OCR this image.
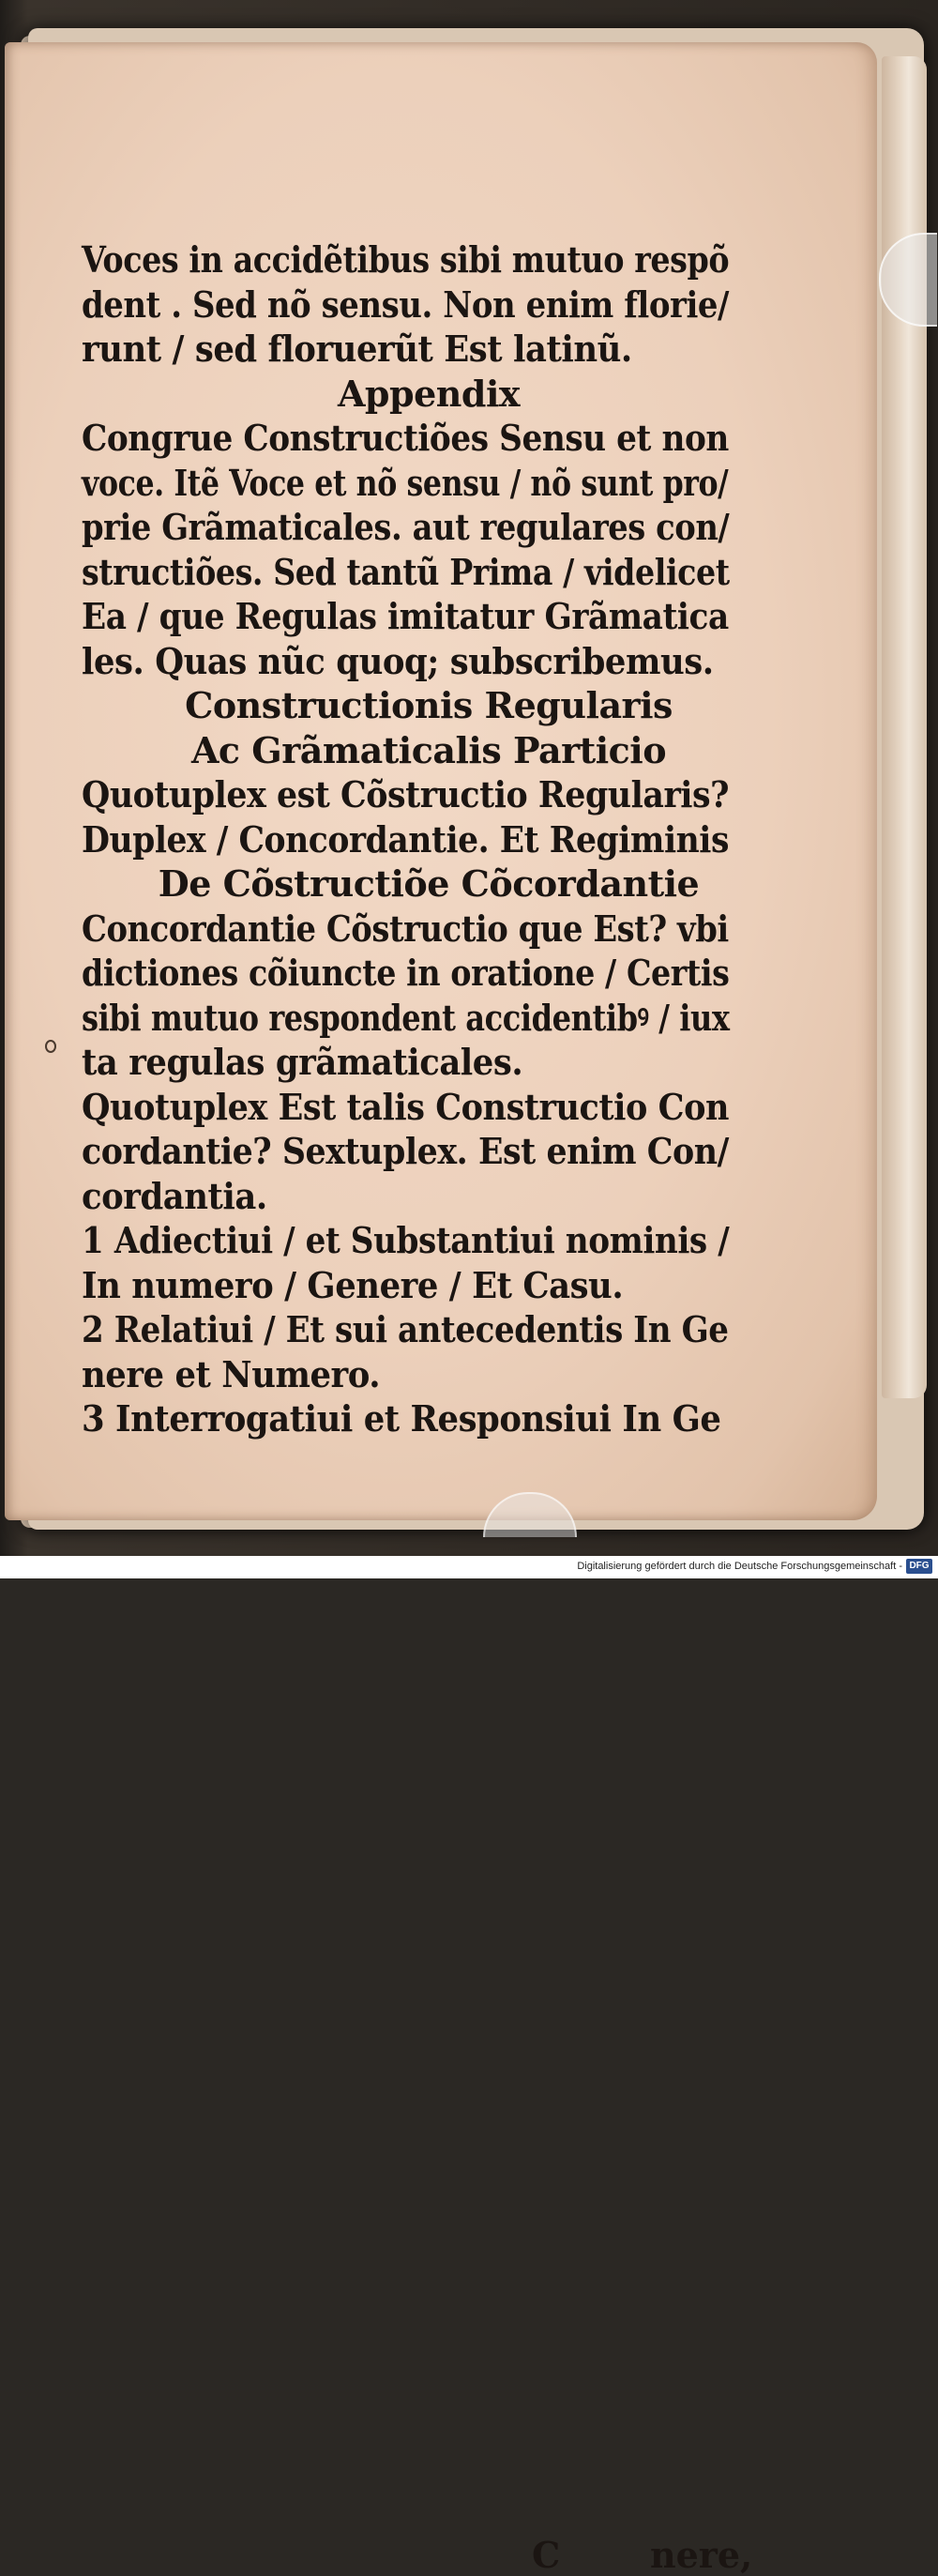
Voces in accidẽtibus sibi mutuo respõ
dent . Sed nõ sensu. Non enim florie/
runt / sed floruerũt Est latinũ.
Appendix
Congrue Constructiões Sensu et non
voce. Itẽ Voce et nõ sensu / nõ sunt pro/
prie Grãmaticales. aut regulares con/
structiões. Sed tantũ Prima / videlicet
Ea / que Regulas imitatur Grãmatica
les. Quas nũc quoq; subscribemus.
Constructionis Regularis
Ac Grãmaticalis Particio
Quotuplex est Cõstructio Regularis?
Duplex / Concordantie. Et Regiminis
De Cõstructiõe Cõcordantie
Concordantie Cõstructio que Est? vbi
dictiones cõiuncte in oratione / Certis
sibi mutuo respondent accidentibꝰ / iux
ta regulas grãmaticales.
Quotuplex Est talis Constructio Con
cordantie? Sextuplex. Est enim Con/
cordantia.
1 Adiectiui / et Substantiui nominis /
In numero / Genere / Et Casu.
2 Relatiui / Et sui antecedentis In Ge
nere et Numero.
3 Interrogatiui et Responsiui In Ge
C	nere,
Digitalisierung gefördert durch die Deutsche Forschungsgemeinschaft - DFG
